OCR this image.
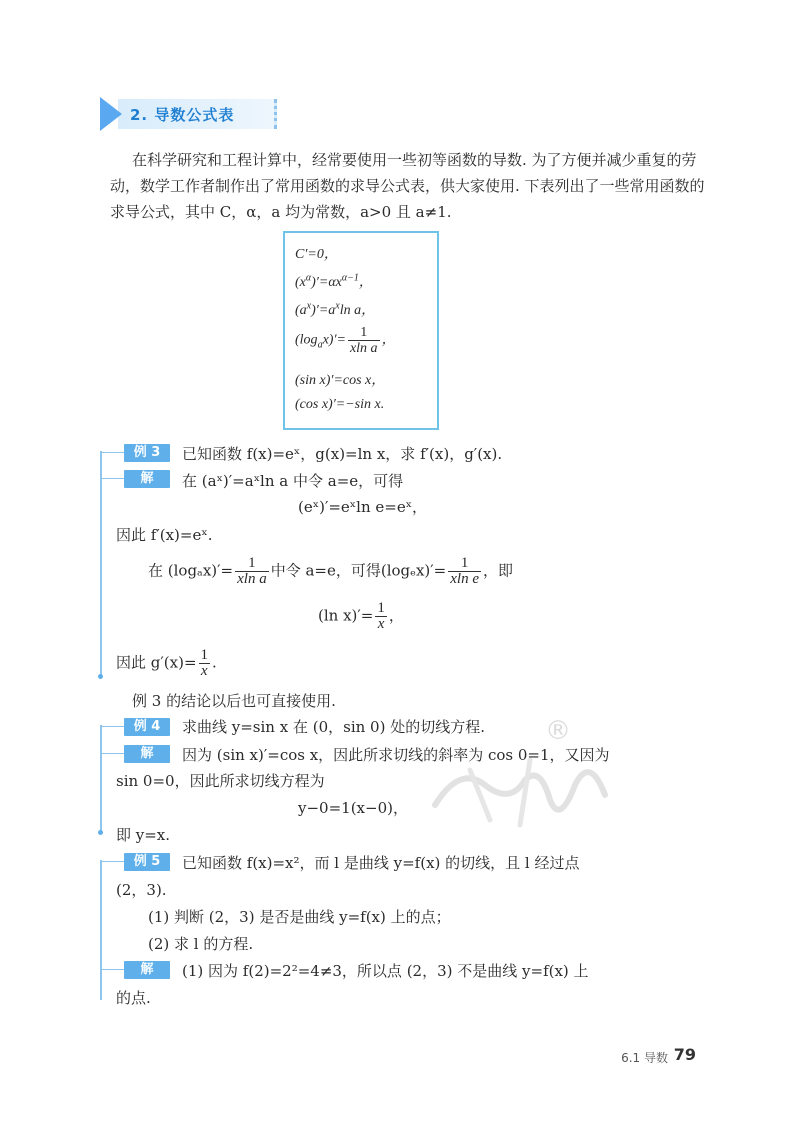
2. 导数公式表
在科学研究和工程计算中，经常要使用一些初等函数的导数. 为了方便并减少重复的劳动，数学工作者制作出了常用函数的求导公式表，供大家使用. 下表列出了一些常用函数的求导公式，其中 C，α，a 均为常数，a>0 且 a≠1.
C′=0，
$(x^\alpha)'=\alpha x^{\alpha-1}$，
$(a^x)'=a^x\ln$ a，
$(\log_ax)'= \frac{1}{\text{xln a}}$ ，
(sin x)′=cos x，
(cos x)′=−sin x.
例 3	已知函数 f(x)=eˣ，g(x)=ln x，求 f′(x)，g′(x).
解	在 (aˣ)′=aˣln a 中令 a=e，可得
(eˣ)′=eˣln e=eˣ，
因此 f′(x)=eˣ.
在 $(\log_ax)'= \frac{1}{\text{xln a}}$ 中令 a=e，可得$(\log_ex)'= \frac{1}{\text{xln e}}$ ，即
(ln $x)'= \frac{1}{x}$ ，
因此 $g'(x)= \frac{1}{x}$ .
例 3 的结论以后也可直接使用.
例 4	求曲线 y=sin x 在 (0，sin 0) 处的切线方程.
解	因为 (sin x)′=cos x，因此所求切线的斜率为 cos 0=1，又因为
sin 0=0，因此所求切线方程为
y−0=1(x−0)，
即 y=x.
例 5	已知函数 f(x)=x²，而 l 是曲线 y=f(x) 的切线，且 l 经过点
(2，3).
(1) 判断 (2，3) 是否是曲线 y=f(x) 上的点；
(2) 求 l 的方程.
解	(1) 因为 f(2)=2²=4≠3，所以点 (2，3) 不是曲线 y=f(x) 上
的点.
®
6.1 导数 79
